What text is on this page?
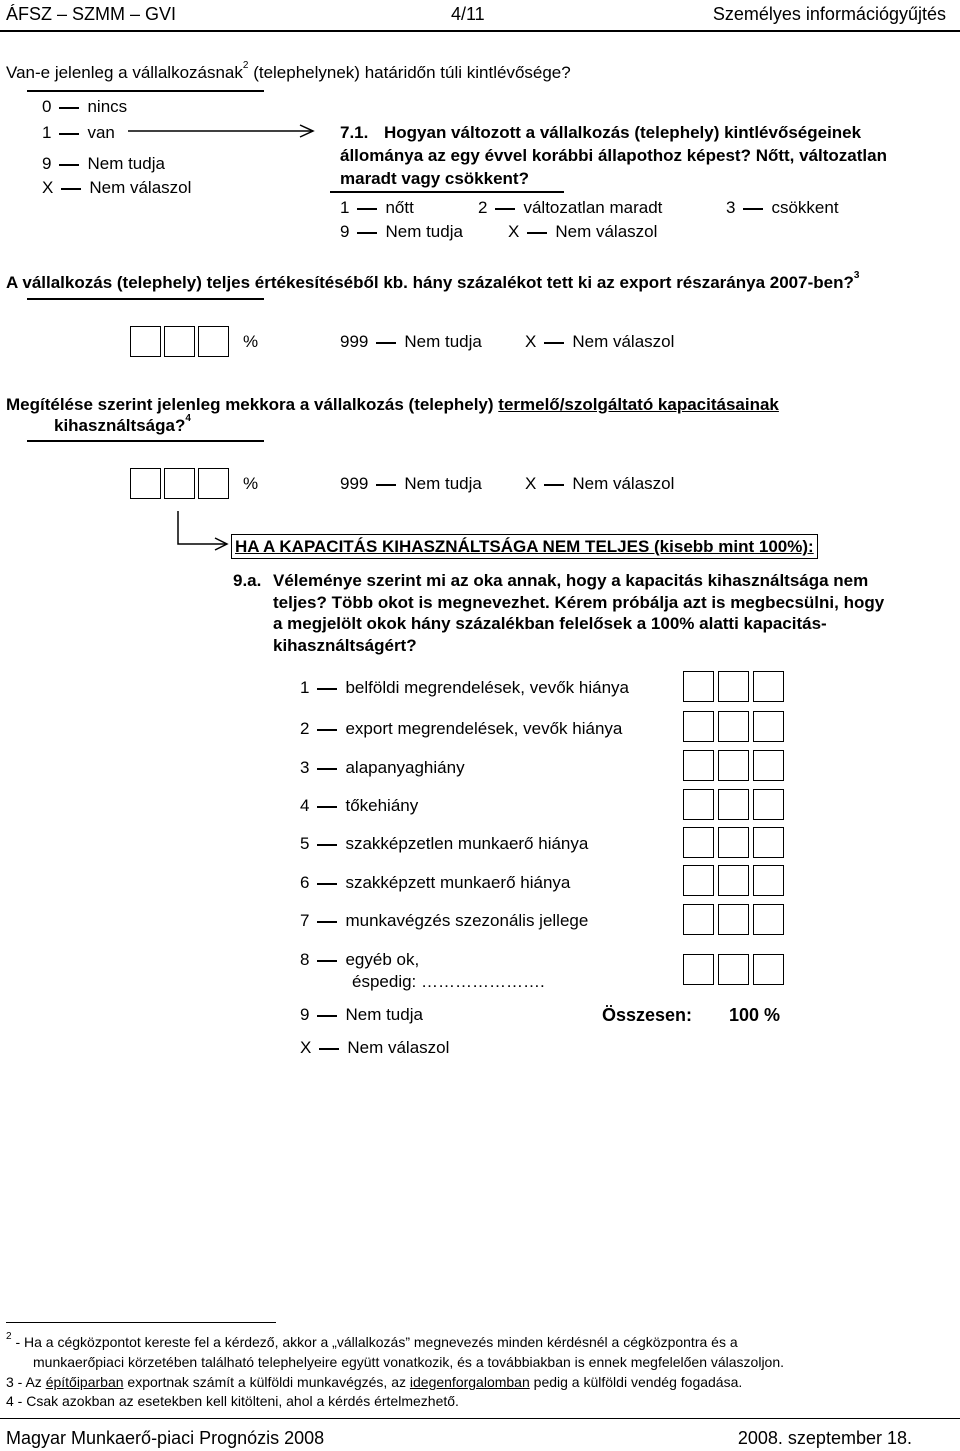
ÁFSZ – SZMM – GVI	4/11	Személyes információgyűjtés
Van-e jelenleg a vállalkozásnak$^2$ (telephelynek) határidőn túli kintlévősége?
0 nincs
1 van
9 Nem tudja
X Nem válaszol
7.1. Hogyan változott a vállalkozás (telephely) kintlévőségeinek
állománya az egy évvel korábbi állapothoz képest? Nőtt, változatlan
maradt vagy csökkent?
1 nőtt	2 változatlan maradt	3 csökkent
9 Nem tudja	X Nem válaszol
A vállalkozás (telephely) teljes értékesítéséből kb. hány százalékot tett ki az export részaránya 2007-ben?$^3$
%	999 Nem tudja	X Nem válaszol
Megítélése szerint jelenleg mekkora a vállalkozás (telephely) termelő/szolgáltató kapacitásainak
kihasználtsága?$^4$
%	999 Nem tudja	X Nem válaszol
HA A KAPACITÁS KIHASZNÁLTSÁGA NEM TELJES (kisebb mint 100%):
9.a. Véleménye szerint mi az oka annak, hogy a kapacitás kihasználtsága nem
teljes? Több okot is megnevezhet. Kérem próbálja azt is megbecsülni, hogy
a megjelölt okok hány százalékban felelősek a 100% alatti kapacitás-
kihasználtságért?
1 belföldi megrendelések, vevők hiánya
2 export megrendelések, vevők hiánya
3 alapanyaghiány
4 tőkehiány
5 szakképzetlen munkaerő hiánya
6 szakképzett munkaerő hiánya
7 munkavégzés szezonális jellege
8 egyéb ok,
éspedig: ………………….
9 Nem tudja	Összesen: 100 %
X Nem válaszol
$^2$ - Ha a cégközpontot kereste fel a kérdező, akkor a „vállalkozás” megnevezés minden kérdésnél a cégközpontra és a
munkaerőpiaci körzetében található telephelyeire együtt vonatkozik, és a továbbiakban is ennek megfelelően válaszoljon.
3 - Az építőiparban exportnak számít a külföldi munkavégzés, az idegenforgalomban pedig a külföldi vendég fogadása.
4 - Csak azokban az esetekben kell kitölteni, ahol a kérdés értelmezhető.
Magyar Munkaerő-piaci Prognózis 2008	2008. szeptember 18.
